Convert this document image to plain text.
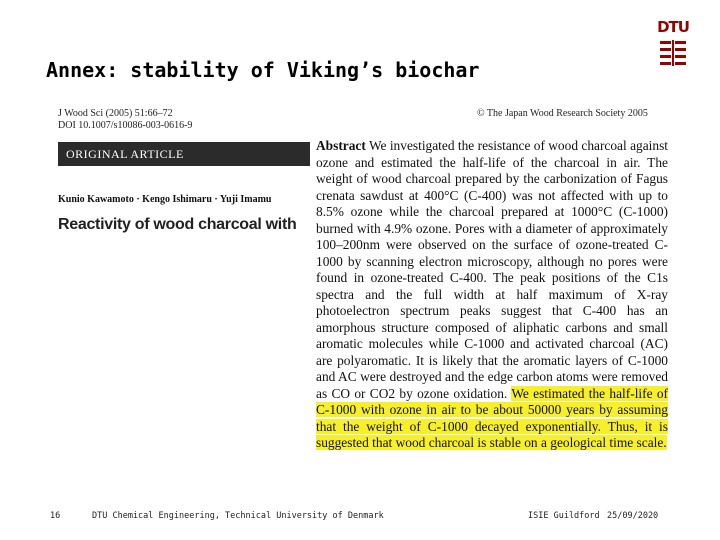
Annex: stability of Viking’s biochar
DTU
J Wood Sci (2005) 51:66–72
DOI 10.1007/s10086-003-0616-9
ORIGINAL ARTICLE
Kunio Kawamoto · Kengo Ishimaru · Yuji Imamu
Reactivity of wood charcoal with
© The Japan Wood Research Society 2005

Abstract We investigated the resistance of wood charcoal against ozone and estimated the half-life of the charcoal in air. The weight of wood charcoal prepared by the carbonization of Fagus crenata sawdust at 400°C (C-400) was not affected with up to 8.5% ozone while the charcoal prepared at 1000°C (C-1000) burned with 4.9% ozone. Pores with a diameter of approximately 100–200nm were observed on the surface of ozone-treated C-1000 by scanning electron microscopy, although no pores were found in ozone-treated C-400. The peak positions of the C1s spectra and the full width at half maximum of X-ray photoelectron spectrum peaks suggest that C-400 has an amorphous structure composed of aliphatic carbons and small aromatic molecules while C-1000 and activated charcoal (AC) are polyaromatic. It is likely that the aromatic layers of C-1000 and AC were destroyed and the edge carbon atoms were removed as CO or CO2 by ozone oxidation. We estimated the half-life of C-1000 with ozone in air to be about 50000 years by assuming that the weight of C-1000 decayed exponentially. Thus, it is suggested that wood charcoal is stable on a geological time scale.

16	DTU Chemical Engineering, Technical University of Denmark	ISIE Guildford 25/09/2020
